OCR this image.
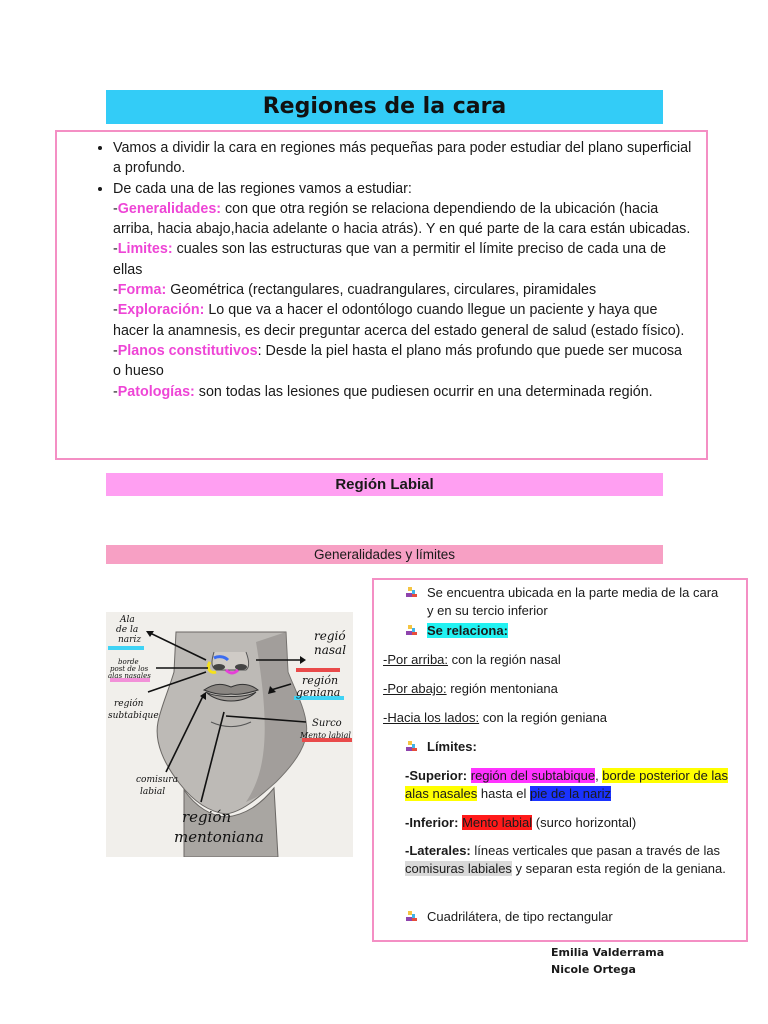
Regiones de la cara
• Vamos a dividir la cara en regiones más pequeñas para poder estudiar del plano superficial a profundo.
• De cada una de las regiones vamos a estudiar:
-Generalidades: con que otra región se relaciona dependiendo de la ubicación (hacia arriba, hacia abajo,hacia adelante o hacia atrás). Y en qué parte de la cara están ubicadas.
-Limites: cuales son las estructuras que van a permitir el límite preciso de cada una de ellas
-Forma: Geométrica (rectangulares, cuadrangulares, circulares, piramidales
-Exploración: Lo que va a hacer el odontólogo cuando llegue un paciente y haya que hacer la anamnesis, es decir preguntar acerca del estado general de salud (estado físico).
-Planos constitutivos: Desde la piel hasta el plano más profundo que puede ser mucosa o hueso
-Patologías: son todas las lesiones que pudiesen ocurrir en una determinada región.
Región Labial
Generalidades y límites
Ala
de la
nariz
borde
post de los
alas nasales
región
subtabique
regió
nasal
región
geniana
Surco
Mento labial
comisura
labial
región
mentoniana
Se encuentra ubicada en la parte media de la cara y en su tercio inferior
Se relaciona:
-Por arriba: con la región nasal
-Por abajo: región mentoniana
-Hacia los lados: con la región geniana
Límites:
-Superior: región del subtabique, borde posterior de las alas nasales hasta el pie de la nariz
-Inferior: Mento labial (surco horizontal)
-Laterales: líneas verticales que pasan a través de las comisuras labiales y separan esta región de la geniana.
Cuadrilátera, de tipo rectangular
Emilia Valderrama
Nicole Ortega
